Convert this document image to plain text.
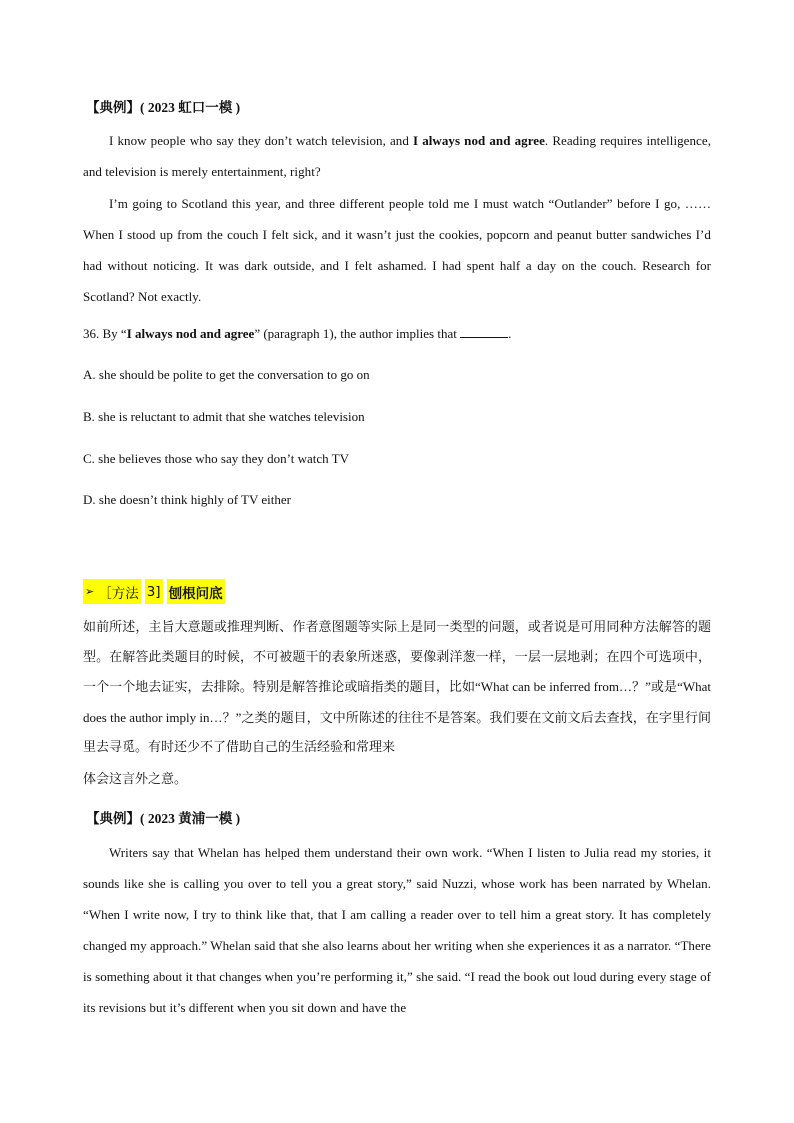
【典例】( 2023 虹口一模 )
I know people who say they don’t watch television, and I always nod and agree. Reading requires intelligence, and television is merely entertainment, right?
I’m going to Scotland this year, and three different people told me I must watch “Outlander” before I go, …… When I stood up from the couch I felt sick, and it wasn’t just the cookies, popcorn and peanut butter sandwiches I’d had without noticing. It was dark outside, and I felt ashamed. I had spent half a day on the couch. Research for Scotland? Not exactly.
36. By “I always nod and agree” (paragraph 1), the author implies that	.
A. she should be polite to get the conversation to go on
B. she is reluctant to admit that she watches television
C. she believes those who say they don’t watch TV
D. she doesn’t think highly of TV either
➢ ［方法 3] 刨根问底
如前所述，主旨大意题或推理判断、作者意图题等实际上是同一类型的问题，或者说是可用同种方法解答的题型。在解答此类题目的时候，不可被题干的表象所迷惑，要像剥洋葱一样，一层一层地剥；在四个可选项中，一个一个地去证实，去排除。特别是解答推论或暗指类的题目，比如“What can be inferred from…？”或是“What does the author imply in…？”之类的题目，文中所陈述的往往不是答案。我们要在文前文后去查找，在字里行间里去寻觅。有时还少不了借助自己的生活经验和常理来
体会这言外之意。
【典例】( 2023 黄浦一模 )
Writers say that Whelan has helped them understand their own work. “When I listen to Julia read my stories, it sounds like she is calling you over to tell you a great story,” said Nuzzi, whose work has been narrated by Whelan. “When I write now, I try to think like that, that I am calling a reader over to tell him a great story. It has completely changed my approach.” Whelan said that she also learns about her writing when she experiences it as a narrator. “There is something about it that changes when you’re performing it,” she said. “I read the book out loud during every stage of its revisions but it’s different when you sit down and have the
